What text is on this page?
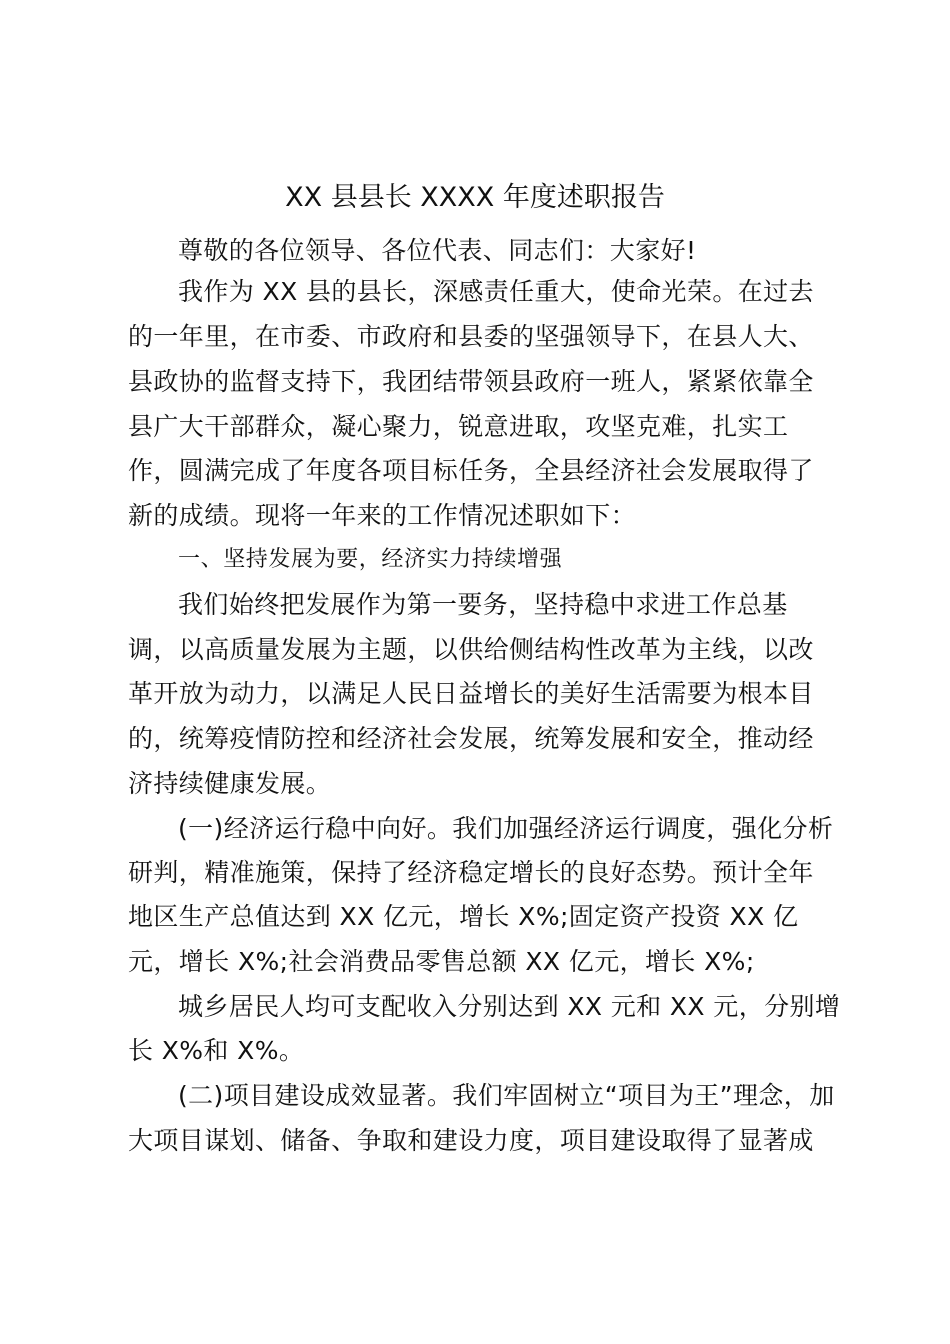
XX 县县长 XXXX 年度述职报告

尊敬的各位领导、各位代表、同志们：大家好!

我作为 XX 县的县长，深感责任重大，使命光荣。在过去

的一年里，在市委、市政府和县委的坚强领导下，在县人大、

县政协的监督支持下，我团结带领县政府一班人，紧紧依靠全

县广大干部群众，凝心聚力，锐意进取，攻坚克难，扎实工

作，圆满完成了年度各项目标任务，全县经济社会发展取得了

新的成绩。现将一年来的工作情况述职如下：

一、坚持发展为要，经济实力持续增强

我们始终把发展作为第一要务，坚持稳中求进工作总基

调，以高质量发展为主题，以供给侧结构性改革为主线，以改

革开放为动力，以满足人民日益增长的美好生活需要为根本目

的，统筹疫情防控和经济社会发展，统筹发展和安全，推动经

济持续健康发展。

(一)经济运行稳中向好。我们加强经济运行调度，强化分析

研判，精准施策，保持了经济稳定增长的良好态势。预计全年

地区生产总值达到 XX 亿元，增长 X%;固定资产投资 XX 亿

元，增长 X%;社会消费品零售总额 XX 亿元，增长 X%;

城乡居民人均可支配收入分别达到 XX 元和 XX 元，分别增

长 X%和 X%。

(二)项目建设成效显著。我们牢固树立“项目为王”理念，加

大项目谋划、储备、争取和建设力度，项目建设取得了显著成
